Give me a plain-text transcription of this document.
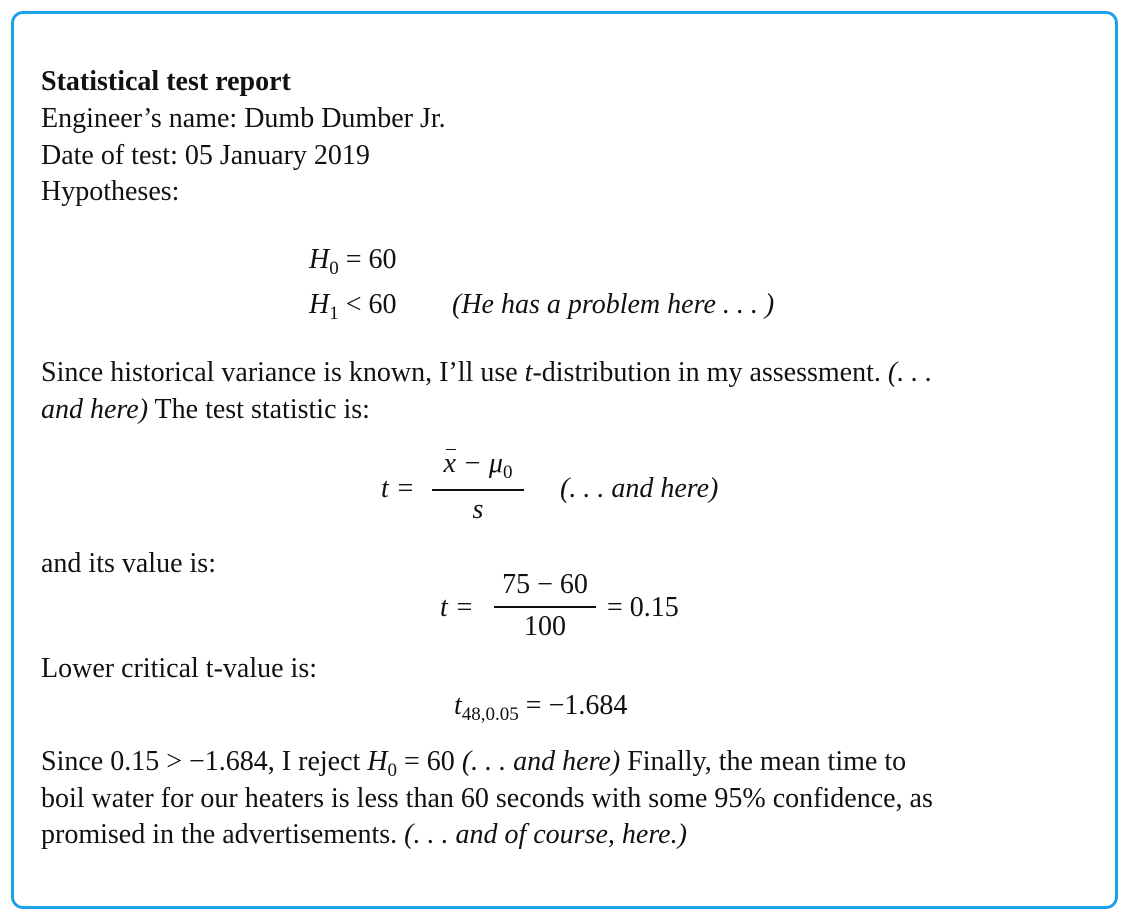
Statistical test report
Engineer’s name: Dumb Dumber Jr.
Date of test: 05 January 2019
Hypotheses:
$H_0 = 60$
$H_1 < 60$ (He has a problem here . . . )
Since historical variance is known, I’ll use t-distribution in my assessment. (. . .
and here) The test statistic is:
t =
$x - \mu_0$
s
(. . . and here)
and its value is:
t =
75 − 60
100
= 0.15
Lower critical t-value is:
$t_{48,0.05} = -1.684$
Since 0.15 > −1.684, I reject $H_0 = 60$ (. . . and here) Finally, the mean time to
boil water for our heaters is less than 60 seconds with some 95% confidence, as
promised in the advertisements. (. . . and of course, here.)
